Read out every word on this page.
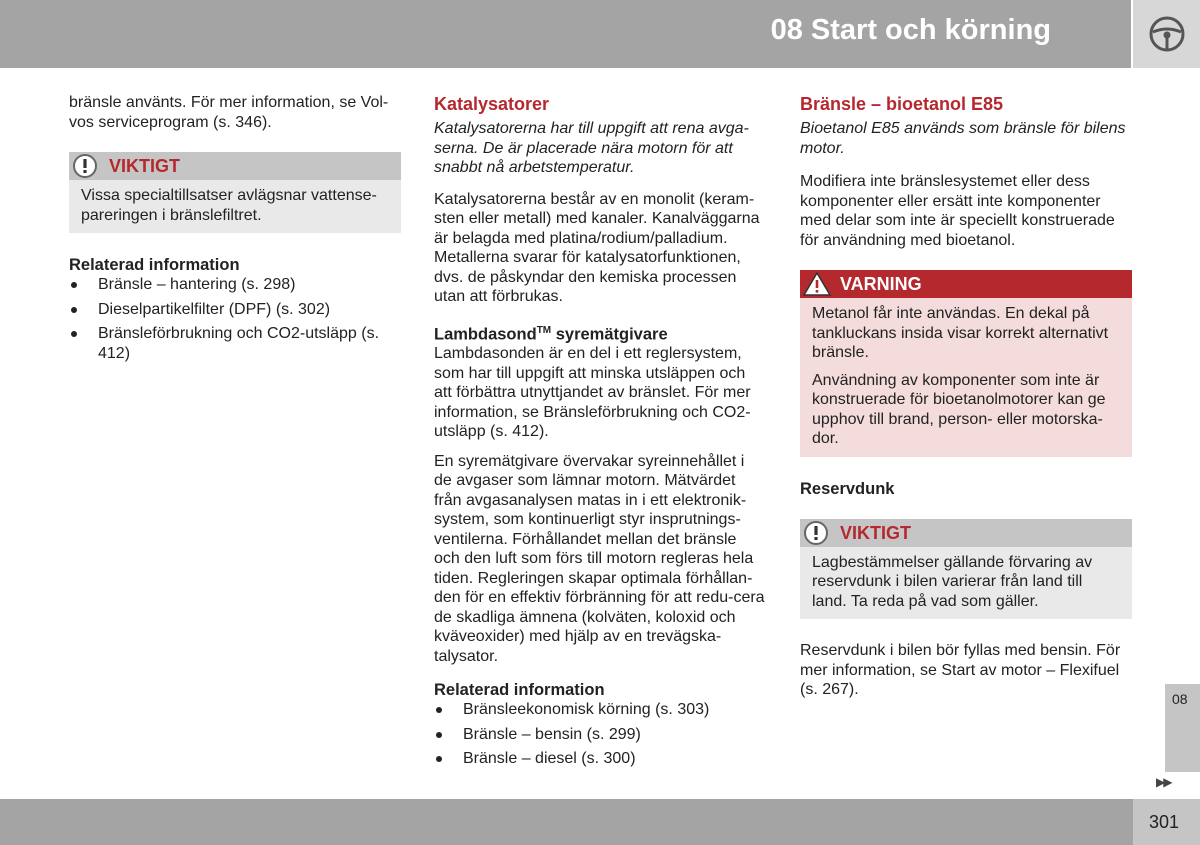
08 Start och körning

bränsle använts. För mer information, se Vol-vos serviceprogram (s. 346).

VIKTIGT

Vissa specialtillsatser avlägsnar vattense-pareringen i bränslefiltret.

Relaterad information
Bränsle – hantering (s. 298)
Dieselpartikelfilter (DPF) (s. 302)
Bränsleförbrukning och CO2-utsläpp (s. 412)
Katalysatorer

Katalysatorerna har till uppgift att rena avga-serna. De är placerade nära motorn för att snabbt nå arbetstemperatur.

Katalysatorerna består av en monolit (keram-sten eller metall) med kanaler. Kanalväggarna är belagda med platina/rodium/palladium. Metallerna svarar för katalysatorfunktionen, dvs. de påskyndar den kemiska processen utan att förbrukas.

Lambdasond™ syremätgivare

Lambdasonden är en del i ett reglersystem, som har till uppgift att minska utsläppen och att förbättra utnyttjandet av bränslet. För mer information, se Bränsleförbrukning och CO2-utsläpp (s. 412).

En syremätgivare övervakar syreinnehållet i de avgaser som lämnar motorn. Mätvärdet från avgasanalysen matas in i ett elektronik-system, som kontinuerligt styr insprutnings-ventilerna. Förhållandet mellan det bränsle och den luft som förs till motorn regleras hela tiden. Regleringen skapar optimala förhållan-den för en effektiv förbränning för att redu-cera de skadliga ämnena (kolväten, koloxid och kväveoxider) med hjälp av en trevägska-talysator.

Relaterad information
Bränsleekonomisk körning (s. 303)
Bränsle – bensin (s. 299)
Bränsle – diesel (s. 300)
Bränsle – bioetanol E85

Bioetanol E85 används som bränsle för bilens motor.

Modifiera inte bränslesystemet eller dess komponenter eller ersätt inte komponenter med delar som inte är speciellt konstruerade för användning med bioetanol.

VARNING

Metanol får inte användas. En dekal på tankluckans insida visar korrekt alternativt bränsle.

Användning av komponenter som inte är konstruerade för bioetanolmotorer kan ge upphov till brand, person- eller motorska-dor.

Reservdunk
VIKTIGT

Lagbestämmelser gällande förvaring av reservdunk i bilen varierar från land till land. Ta reda på vad som gäller.

Reservdunk i bilen bör fyllas med bensin. För mer information, se Start av motor – Flexifuel (s. 267).

08
▶▶
301
